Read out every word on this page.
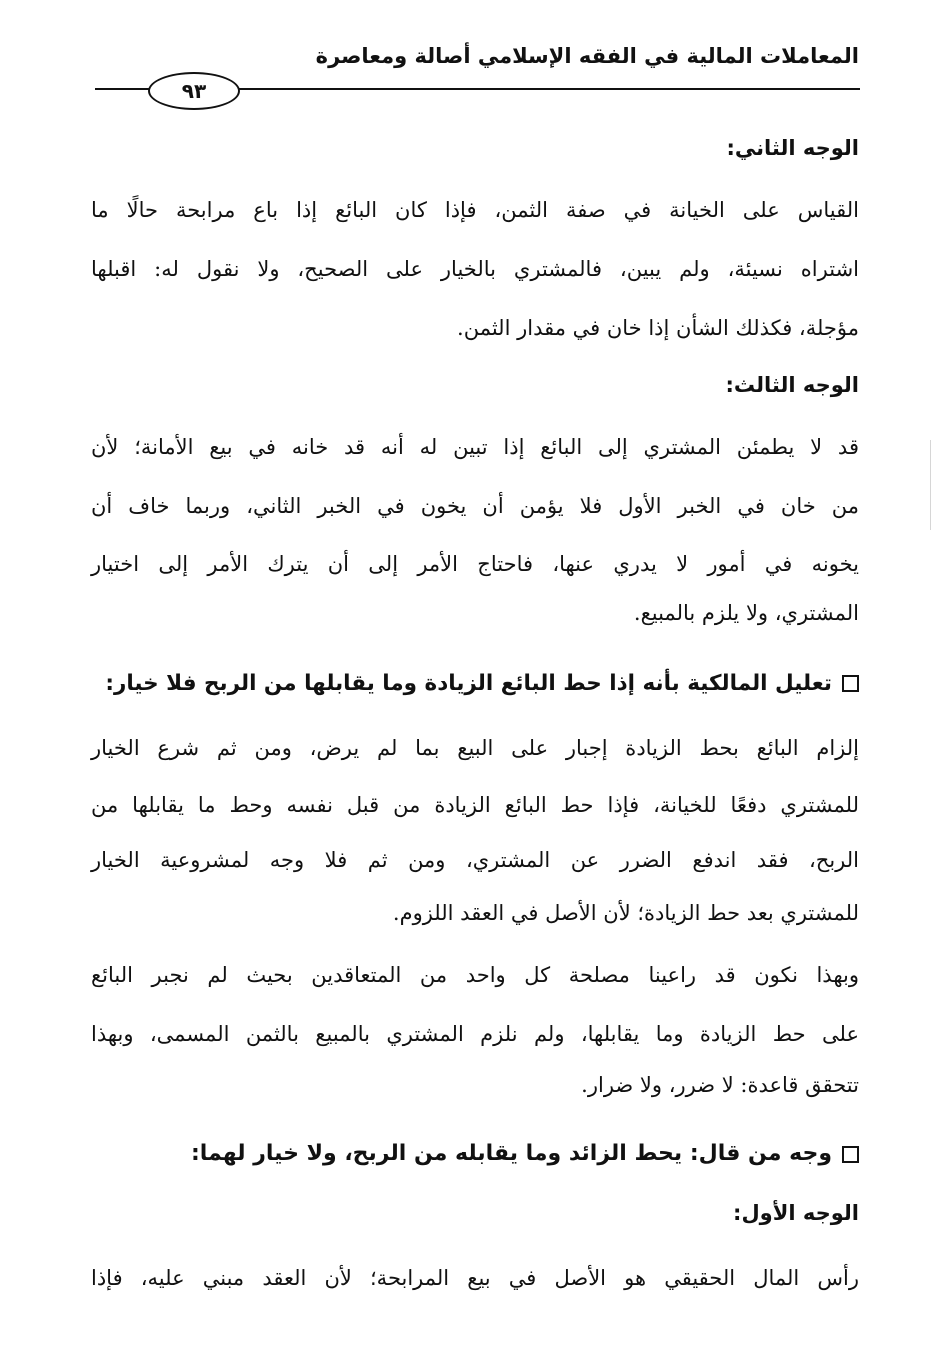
المعاملات المالية في الفقه الإسلامي أصالة ومعاصرة
٩٣
الوجه الثاني:
القياس على الخيانة في صفة الثمن، فإذا كان البائع إذا باع مرابحة حالًا ما
اشتراه نسيئة، ولم يبين، فالمشتري بالخيار على الصحيح، ولا نقول له: اقبلها
مؤجلة، فكذلك الشأن إذا خان في مقدار الثمن.
الوجه الثالث:
قد لا يطمئن المشتري إلى البائع إذا تبين له أنه قد خانه في بيع الأمانة؛ لأن
من خان في الخبر الأول فلا يؤمن أن يخون في الخبر الثاني، وربما خاف أن
يخونه في أمور لا يدري عنها، فاحتاج الأمر إلى أن يترك الأمر إلى اختيار
المشتري، ولا يلزم بالمبيع.
تعليل المالكية بأنه إذا حط البائع الزيادة وما يقابلها من الربح فلا خيار:
إلزام البائع بحط الزيادة إجبار على البيع بما لم يرض، ومن ثم شرع الخيار
للمشتري دفعًا للخيانة، فإذا حط البائع الزيادة من قبل نفسه وحط ما يقابلها من
الربح، فقد اندفع الضرر عن المشتري، ومن ثم فلا وجه لمشروعية الخيار
للمشتري بعد حط الزيادة؛ لأن الأصل في العقد اللزوم.
وبهذا نكون قد راعينا مصلحة كل واحد من المتعاقدين بحيث لم نجبر البائع
على حط الزيادة وما يقابلها، ولم نلزم المشتري بالمبيع بالثمن المسمى، وبهذا
تتحقق قاعدة: لا ضرر، ولا ضرار.
وجه من قال: يحط الزائد وما يقابله من الربح، ولا خيار لهما:
الوجه الأول:
رأس المال الحقيقي هو الأصل في بيع المرابحة؛ لأن العقد مبني عليه، فإذا
